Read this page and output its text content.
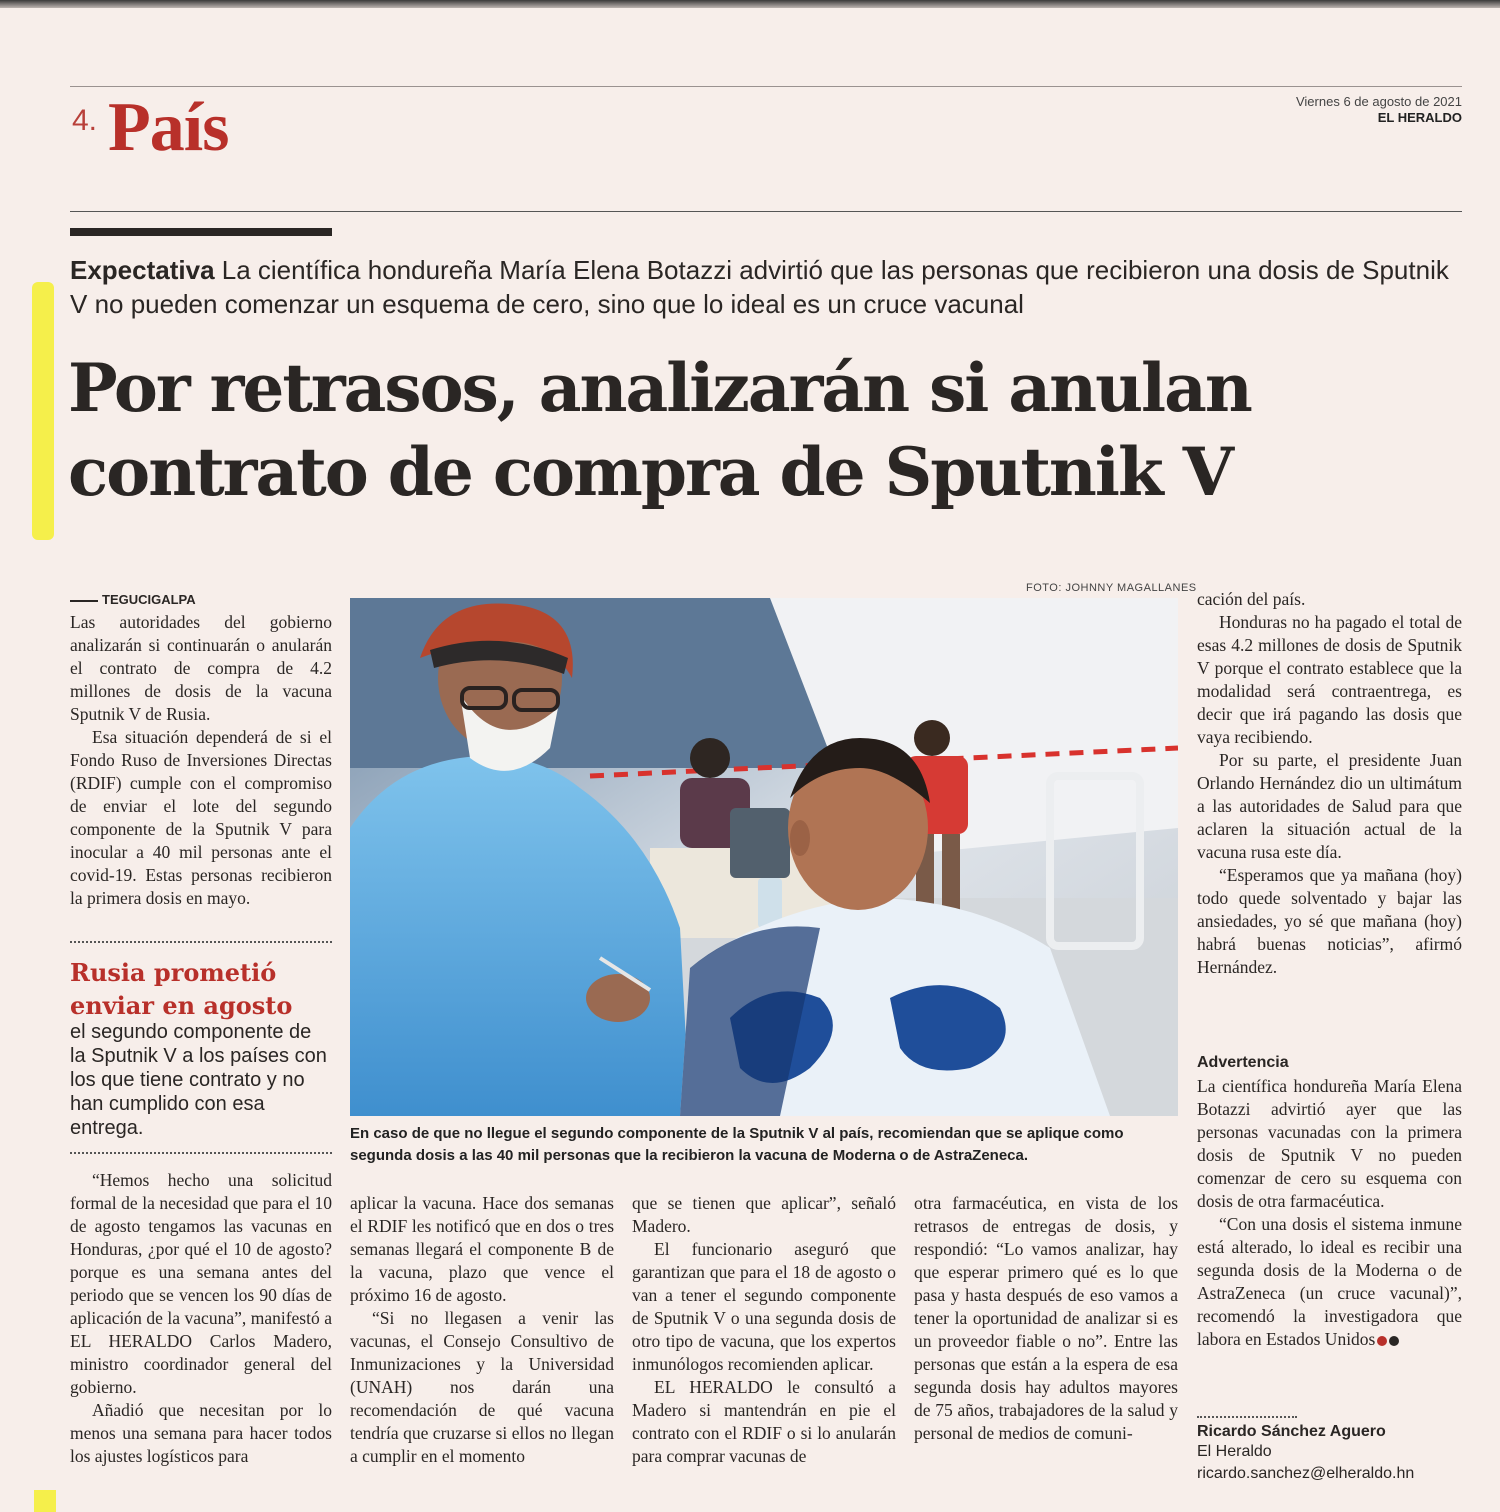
4. País	Viernes 6 de agosto de 2021
EL HERALDO
Expectativa La científica hondureña María Elena Botazzi advirtió que las personas que recibieron una dosis de Sputnik V no pueden comenzar un esquema de cero, sino que lo ideal es un cruce vacunal
Por retrasos, analizarán si anulan
contrato de compra de Sputnik V
FOTO: JOHNNY MAGALLANES
En caso de que no llegue el segundo componente de la Sputnik V al país, recomiendan que se aplique como segunda dosis a las 40 mil personas que la recibieron la vacuna de Moderna o de AstraZeneca.
TEGUCIGALPA

Las autoridades del gobierno analizarán si continuarán o anularán el contrato de compra de 4.2 millones de dosis de la vacuna Sputnik V de Rusia.

Esa situación dependerá de si el Fondo Ruso de Inversiones Directas (RDIF) cumple con el compromiso de enviar el lote del segundo componente de la Sputnik V para inocular a 40 mil personas ante el covid-19. Estas personas recibieron la primera dosis en mayo.

Rusia prometió enviar en agosto
el segundo componente de la Sputnik V a los países con los que tiene contrato y no han cumplido con esa entrega.

“Hemos hecho una solicitud formal de la necesidad que para el 10 de agosto tengamos las vacunas en Honduras, ¿por qué el 10 de agosto? porque es una semana antes del periodo que se vencen los 90 días de aplicación de la vacuna”, manifestó a EL HERALDO Carlos Madero, ministro coordinador general del gobierno.

Añadió que necesitan por lo menos una semana para hacer todos los ajustes logísticos para

aplicar la vacuna. Hace dos semanas el RDIF les notificó que en dos o tres semanas llegará el componente B de la vacuna, plazo que vence el próximo 16 de agosto.

“Si no llegasen a venir las vacunas, el Consejo Consultivo de Inmunizaciones y la Universidad (UNAH) nos darán una recomendación de qué vacuna tendría que cruzarse si ellos no llegan a cumplir en el momento

que se tienen que aplicar”, señaló Madero.

El funcionario aseguró que garantizan que para el 18 de agosto o van a tener el segundo componente de Sputnik V o una segunda dosis de otro tipo de vacuna, que los expertos inmunólogos recomienden aplicar.

EL HERALDO le consultó a Madero si mantendrán en pie el contrato con el RDIF o si lo anularán para comprar vacunas de

otra farmacéutica, en vista de los retrasos de entregas de dosis, y respondió: “Lo vamos analizar, hay que esperar primero qué es lo que pasa y hasta después de eso vamos a tener la oportunidad de analizar si es un proveedor fiable o no”. Entre las personas que están a la espera de esa segunda dosis hay adultos mayores de 75 años, trabajadores de la salud y personal de medios de comuni-

cación del país.

Honduras no ha pagado el total de esas 4.2 millones de dosis de Sputnik V porque el contrato establece que la modalidad será contraentrega, es decir que irá pagando las dosis que vaya recibiendo.

Por su parte, el presidente Juan Orlando Hernández dio un ultimátum a las autoridades de Salud para que aclaren la situación actual de la vacuna rusa este día.

“Esperamos que ya mañana (hoy) todo quede solventado y bajar las ansiedades, yo sé que mañana (hoy) habrá buenas noticias”, afirmó Hernández.

Advertencia

La científica hondureña María Elena Botazzi advirtió ayer que las personas vacunadas con la primera dosis de Sputnik V no pueden comenzar de cero su esquema con dosis de otra farmacéutica.

“Con una dosis el sistema inmune está alterado, lo ideal es recibir una segunda dosis de la Moderna o de AstraZeneca (un cruce vacunal)”, recomendó la investigadora que labora en Estados Unidos

Ricardo Sánchez Aguero
El Heraldo
ricardo.sanchez@elheraldo.hn
